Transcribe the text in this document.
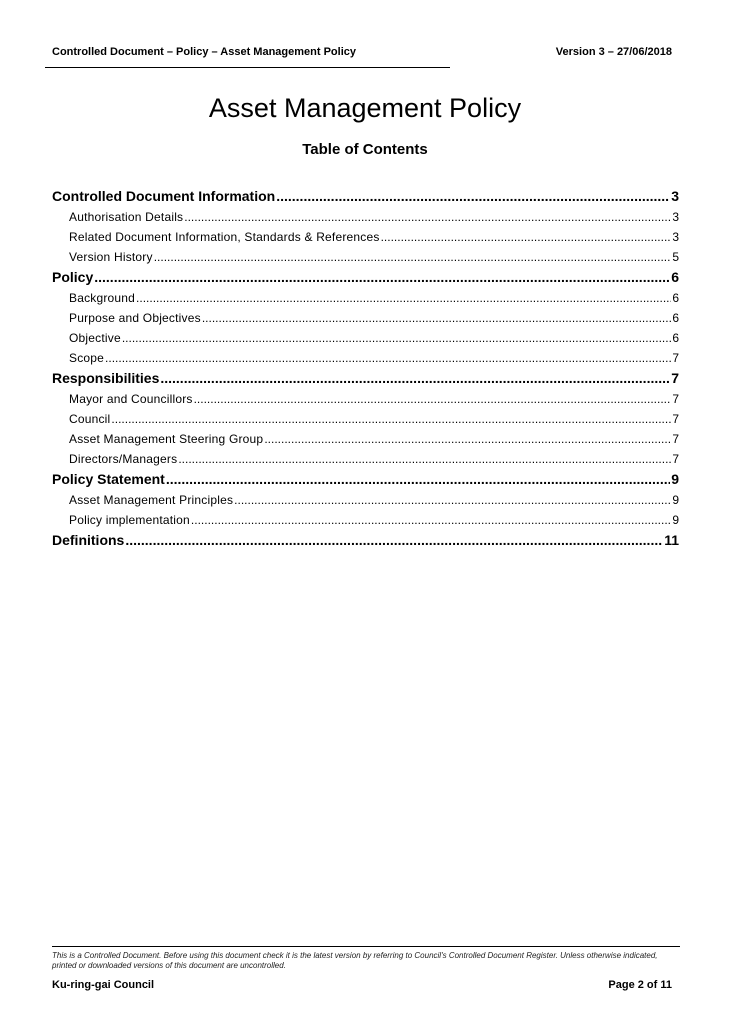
Controlled Document – Policy – Asset Management Policy	Version 3 – 27/06/2018
Asset Management Policy
Table of Contents
Controlled Document Information .....	3
Authorisation Details .....	3
Related Document Information, Standards & References .....	3
Version History .....	5
Policy .....	6
Background .....	6
Purpose and Objectives .....	6
Objective .....	6
Scope .....	7
Responsibilities .....	7
Mayor and Councillors .....	7
Council .....	7
Asset Management Steering Group .....	7
Directors/Managers .....	7
Policy Statement .....	9
Asset Management Principles .....	9
Policy implementation .....	9
Definitions .....	11
This is a Controlled Document. Before using this document check it is the latest version by referring to Council's Controlled Document Register. Unless otherwise indicated, printed or downloaded versions of this document are uncontrolled.
Ku-ring-gai Council	Page 2 of 11
